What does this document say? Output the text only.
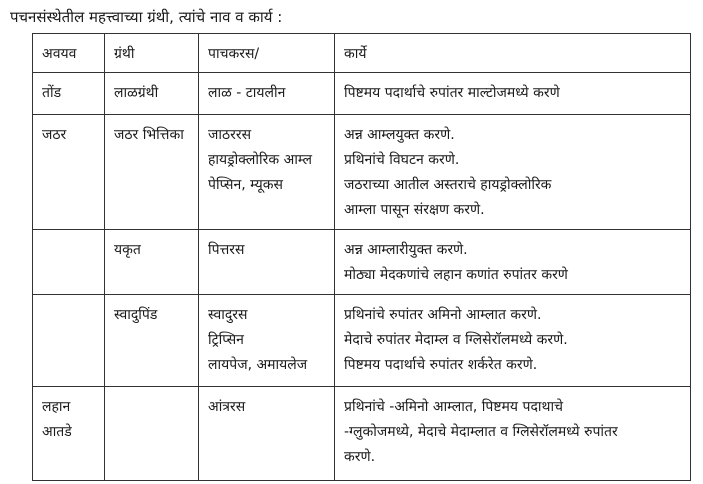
पचनसंस्थेतील महत्त्वाच्या ग्रंथी, त्यांचे नाव व कार्य :
अवयव	ग्रंथी	पाचकरस/	कार्ये

तोंड	लाळग्रंथी	लाळ - टायलीन	पिष्टमय पदार्थाचे रुपांतर माल्टोजमध्ये करणे

जठर	जठर भित्तिका	जाठररस
हायड्रोक्लोरिक आम्ल
पेप्सिन, म्यूकस	अन्न आम्लयुक्त करणे.
प्रथिनांचे विघटन करणे.
जठराच्या आतील अस्तराचे हायड्रोक्लोरिक
आम्ला पासून संरक्षण करणे.

	यकृत	पित्तरस	अन्न आम्लारीयुक्त करणे.
मोठ्या मेदकणांचे लहान कणांत रुपांतर करणे

	स्वादुपिंड	स्वादुरस
ट्रिप्सिन
लायपेज, अमायलेज	प्रथिनांचे रुपांतर अमिनो आम्लात करणे.
मेदाचे रुपांतर मेदाम्ल व ग्लिसेरॉलमध्ये करणे.
पिष्टमय पदार्थाचे रुपांतर शर्करेत करणे.

लहान
आतडे		आंत्ररस	प्रथिनांचे -अमिनो आम्लात, पिष्टमय पदाथाचे
-ग्लुकोजमध्ये, मेदाचे मेदाम्लात व ग्लिसेरॉलमध्ये रुपांतर
करणे.
